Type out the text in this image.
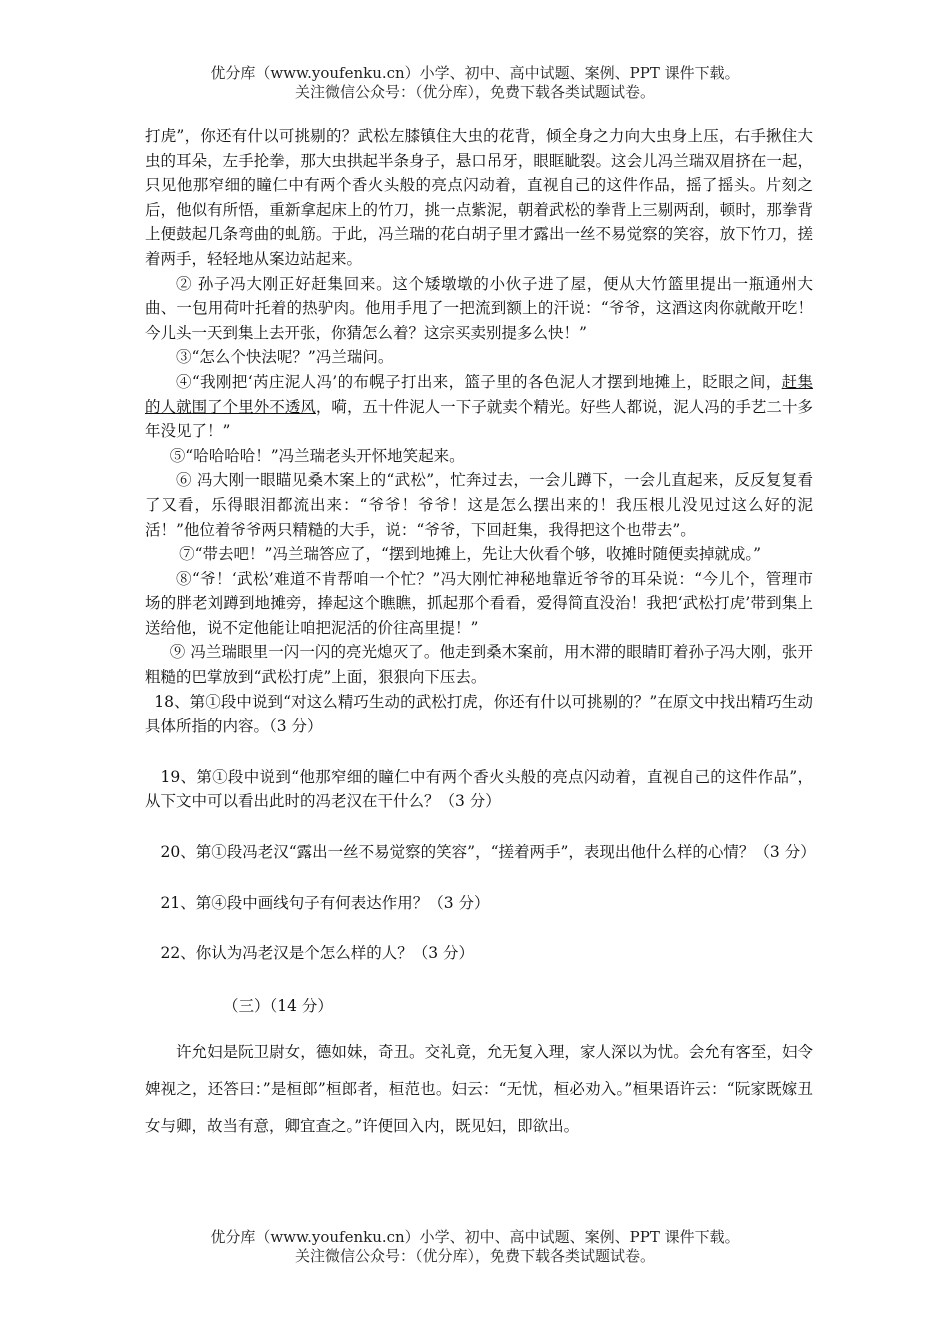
优分库（www.youfenku.cn）小学、初中、高中试题、案例、PPT 课件下载。
关注微信公众号：（优分库），免费下载各类试题试卷。

打虎”，你还有什以可挑剔的？武松左膝镇住大虫的花背，倾全身之力向大虫身上压，右手揪住大虫的耳朵，左手抡拳，那大虫拱起半条身子，悬口吊牙，眼眶眦裂。这会儿冯兰瑞双眉挤在一起，只见他那窄细的瞳仁中有两个香火头般的亮点闪动着，直视自己的这件作品，摇了摇头。片刻之后，他似有所悟，重新拿起床上的竹刀，挑一点紫泥，朝着武松的拳背上三剔两刮，顿时，那拳背上便鼓起几条弯曲的虬筋。于此，冯兰瑞的花白胡子里才露出一丝不易觉察的笑容，放下竹刀，搓着两手，轻轻地从案边站起来。

② 孙子冯大刚正好赶集回来。这个矮墩墩的小伙子进了屋，便从大竹篮里提出一瓶通州大曲、一包用荷叶托着的热驴肉。他用手甩了一把流到额上的汗说：“爷爷，这酒这肉你就敞开吃！今儿头一天到集上去开张，你猜怎么着？这宗买卖别提多么快！”

③“怎么个快法呢？”冯兰瑞问。

④“我刚把‘芮庄泥人冯’的布幌子打出来，篮子里的各色泥人才摆到地摊上，眨眼之间，赶集的人就围了个里外不透风，嗬，五十件泥人一下子就卖个精光。好些人都说，泥人冯的手艺二十多年没见了！”

⑤“哈哈哈哈！”冯兰瑞老头开怀地笑起来。

⑥ 冯大刚一眼瞄见桑木案上的“武松”，忙奔过去，一会儿蹲下，一会儿直起来，反反复复看了又看，乐得眼泪都流出来：“爷爷！爷爷！这是怎么摆出来的！我压根儿没见过这么好的泥活！”他位着爷爷两只精糙的大手，说：“爷爷，下回赶集，我得把这个也带去”。

⑦“带去吧！”冯兰瑞答应了，“摆到地摊上，先让大伙看个够，收摊时随便卖掉就成。”

⑧“爷！‘武松’难道不肯帮咱一个忙？”冯大刚忙神秘地靠近爷爷的耳朵说：“今儿个，管理市场的胖老刘蹲到地摊旁，捧起这个瞧瞧，抓起那个看看，爱得简直没治！我把‘武松打虎’带到集上送给他，说不定他能让咱把泥活的价往高里提！”

⑨ 冯兰瑞眼里一闪一闪的亮光熄灭了。他走到桑木案前，用木滞的眼睛盯着孙子冯大刚，张开粗糙的巴掌放到“武松打虎”上面，狠狠向下压去。

18、第①段中说到“对这么精巧生动的武松打虎，你还有什以可挑剔的？”在原文中找出精巧生动具体所指的内容。（3 分）

19、第①段中说到“他那窄细的瞳仁中有两个香火头般的亮点闪动着，直视自己的这件作品”，从下文中可以看出此时的冯老汉在干什么？（3 分）

20、第①段冯老汉“露出一丝不易觉察的笑容”，“搓着两手”，表现出他什么样的心情？（3 分）

21、第④段中画线句子有何表达作用？（3 分）

22、你认为冯老汉是个怎么样的人？（3 分）

（三）（14 分）

许允妇是阮卫尉女，德如妹，奇丑。交礼竟，允无复入理，家人深以为忧。会允有客至，妇令婢视之，还答曰：”是桓郎”桓郎者，桓范也。妇云：“无忧，桓必劝入。”桓果语许云：“阮家既嫁丑女与卿，故当有意，卿宜查之。”许便回入内，既见妇，即欲出。

优分库（www.youfenku.cn）小学、初中、高中试题、案例、PPT 课件下载。
关注微信公众号：（优分库），免费下载各类试题试卷。
